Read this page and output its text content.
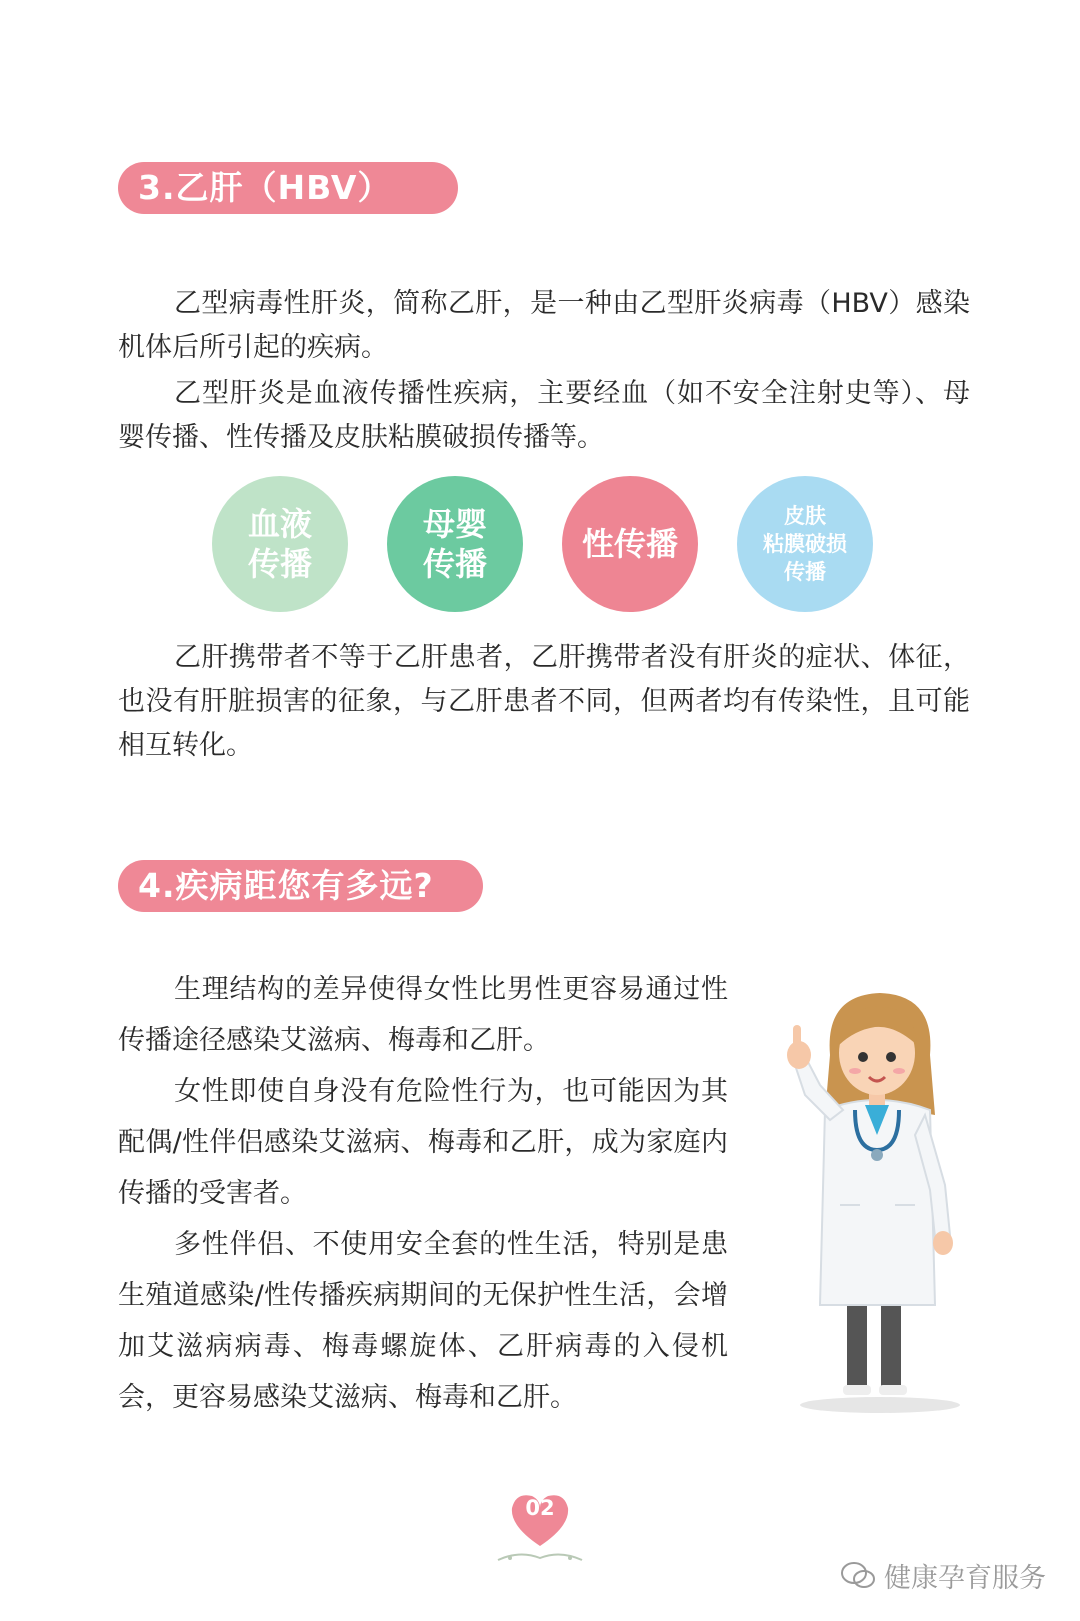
3.乙肝（HBV）

乙型病毒性肝炎，简称乙肝，是一种由乙型肝炎病毒（HBV）感染机体后所引起的疾病。

乙型肝炎是血液传播性疾病，主要经血（如不安全注射史等）、母婴传播、性传播及皮肤粘膜破损传播等。

血液
传播
母婴
传播
性传播
皮肤
粘膜破损
传播

乙肝携带者不等于乙肝患者，乙肝携带者没有肝炎的症状、体征，也没有肝脏损害的征象，与乙肝患者不同，但两者均有传染性，且可能相互转化。

4.疾病距您有多远?

生理结构的差异使得女性比男性更容易通过性传播途径感染艾滋病、梅毒和乙肝。

女性即使自身没有危险性行为，也可能因为其配偶/性伴侣感染艾滋病、梅毒和乙肝，成为家庭内传播的受害者。

多性伴侣、不使用安全套的性生活，特别是患生殖道感染/性传播疾病期间的无保护性生活，会增加艾滋病病毒、梅毒螺旋体、乙肝病毒的入侵机会，更容易感染艾滋病、梅毒和乙肝。

02
健康孕育服务
